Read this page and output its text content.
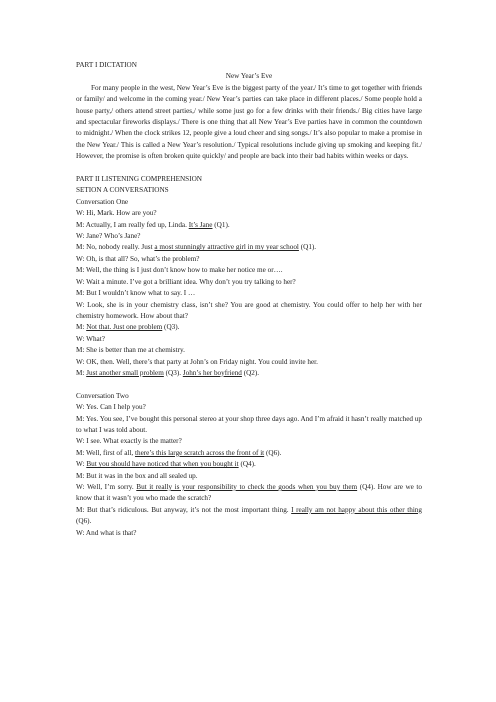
PART I DICTATION

New Year’s Eve

For many people in the west, New Year’s Eve is the biggest party of the year./ It’s time to get together with friends or family/ and welcome in the coming year./ New Year’s parties can take place in different places./ Some people hold a house party,/ others attend street parties,/ while some just go for a few drinks with their friends./ Big cities have large and spectacular fireworks displays./ There is one thing that all New Year’s Eve parties have in common the countdown to midnight./ When the clock strikes 12, people give a loud cheer and sing songs./ It’s also popular to make a promise in the New Year./ This is called a New Year’s resolution./ Typical resolutions include giving up smoking and keeping fit./ However, the promise is often broken quite quickly/ and people are back into their bad habits within weeks or days.

PART II LISTENING COMPREHENSION

SETION A CONVERSATIONS

Conversation One

W: Hi, Mark. How are you?

M: Actually, I am really fed up, Linda. It’s Jane (Q1).

W: Jane? Who’s Jane?

M: No, nobody really. Just a most stunningly attractive girl in my year school (Q1).

W: Oh, is that all? So, what’s the problem?

M: Well, the thing is I just don’t know how to make her notice me or….

W: Wait a minute. I’ve got a brilliant idea. Why don’t you try talking to her?

M: But I wouldn’t know what to say. I …

W: Look, she is in your chemistry class, isn’t she? You are good at chemistry. You could offer to help her with her chemistry homework. How about that?

M: Not that. Just one problem (Q3).

W: What?

M: She is better than me at chemistry.

W: OK, then. Well, there’s that party at John’s on Friday night. You could invite her.

M: Just another small problem (Q3). John’s her boyfriend (Q2).

Conversation Two

W: Yes. Can I help you?

M: Yes. You see, I’ve bought this personal stereo at your shop three days ago. And I’m afraid it hasn’t really matched up to what I was told about.

W: I see. What exactly is the matter?

M: Well, first of all, there’s this large scratch across the front of it (Q6).

W: But you should have noticed that when you bought it (Q4).

M: But it was in the box and all sealed up.

W: Well, I’m sorry. But it really is your responsibility to check the goods when you buy them (Q4). How are we to know that it wasn’t you who made the scratch?

M: But that’s ridiculous. But anyway, it’s not the most important thing. I really am not happy about this other thing (Q6).

W: And what is that?
